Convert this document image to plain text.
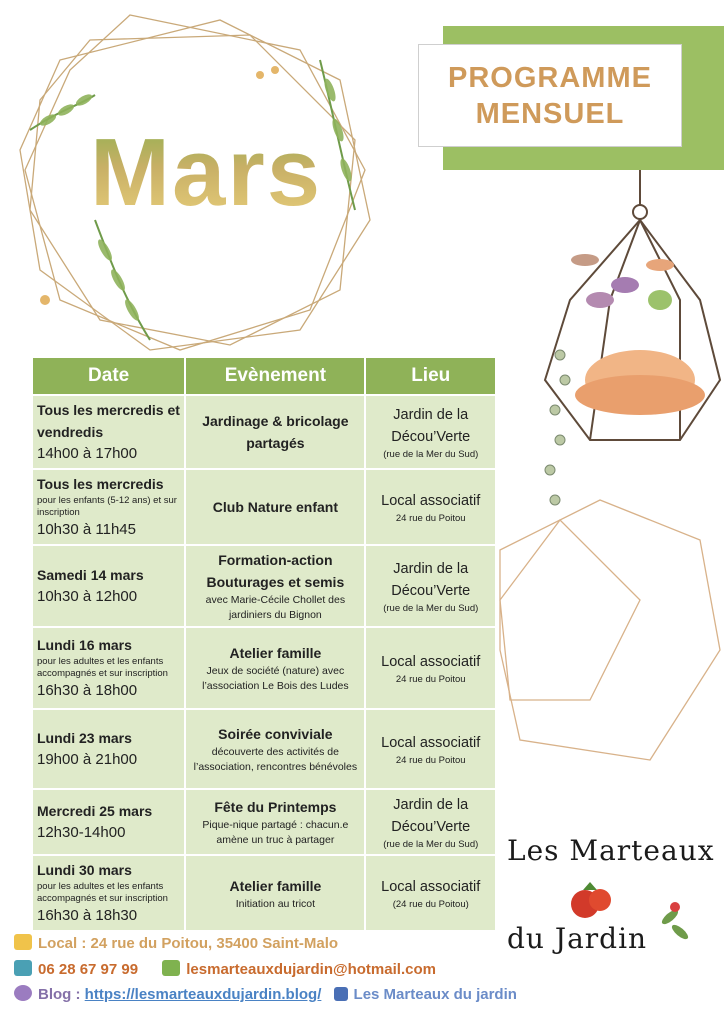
PROGRAMME
MENSUEL
Mars
Date	Evènement	Lieu

Tous les mercredis et vendredis
14h00 à 17h00	Jardinage & bricolage partagés	Jardin de la Décou’Verte
(rue de la Mer du Sud)

Tous les mercredis
pour les enfants (5-12 ans) et sur inscription
10h30 à 11h45	Club Nature enfant	Local associatif
24 rue du Poitou

Samedi 14 mars
10h30 à 12h00	Formation-action Bouturages et semis
avec Marie-Cécile Chollet des jardiniers du Bignon	Jardin de la Décou’Verte
(rue de la Mer du Sud)

Lundi 16 mars
pour les adultes et les enfants accompagnés et sur inscription
16h30 à 18h00	Atelier famille
Jeux de société (nature) avec l’association Le Bois des Ludes	Local associatif
24 rue du Poitou

Lundi 23 mars
19h00 à 21h00	Soirée conviviale
découverte des activités de l’association, rencontres bénévoles	Local associatif
24 rue du Poitou

Mercredi 25 mars
12h30-14h00	Fête du Printemps
Pique-nique partagé : chacun.e amène un truc à partager	Jardin de la Décou’Verte
(rue de la Mer du Sud)

Lundi 30 mars
pour les adultes et les enfants accompagnés et sur inscription
16h30 à 18h30	Atelier famille
Initiation au tricot	Local associatif
(24 rue du Poitou)
Les Marteaux
du Jardin
Local : 24 rue du Poitou, 35400 Saint-Malo
06 28 67 97 99	lesmarteauxdujardin@hotmail.com
Blog : https://lesmarteauxdujardin.blog/ Les Marteaux du jardin
